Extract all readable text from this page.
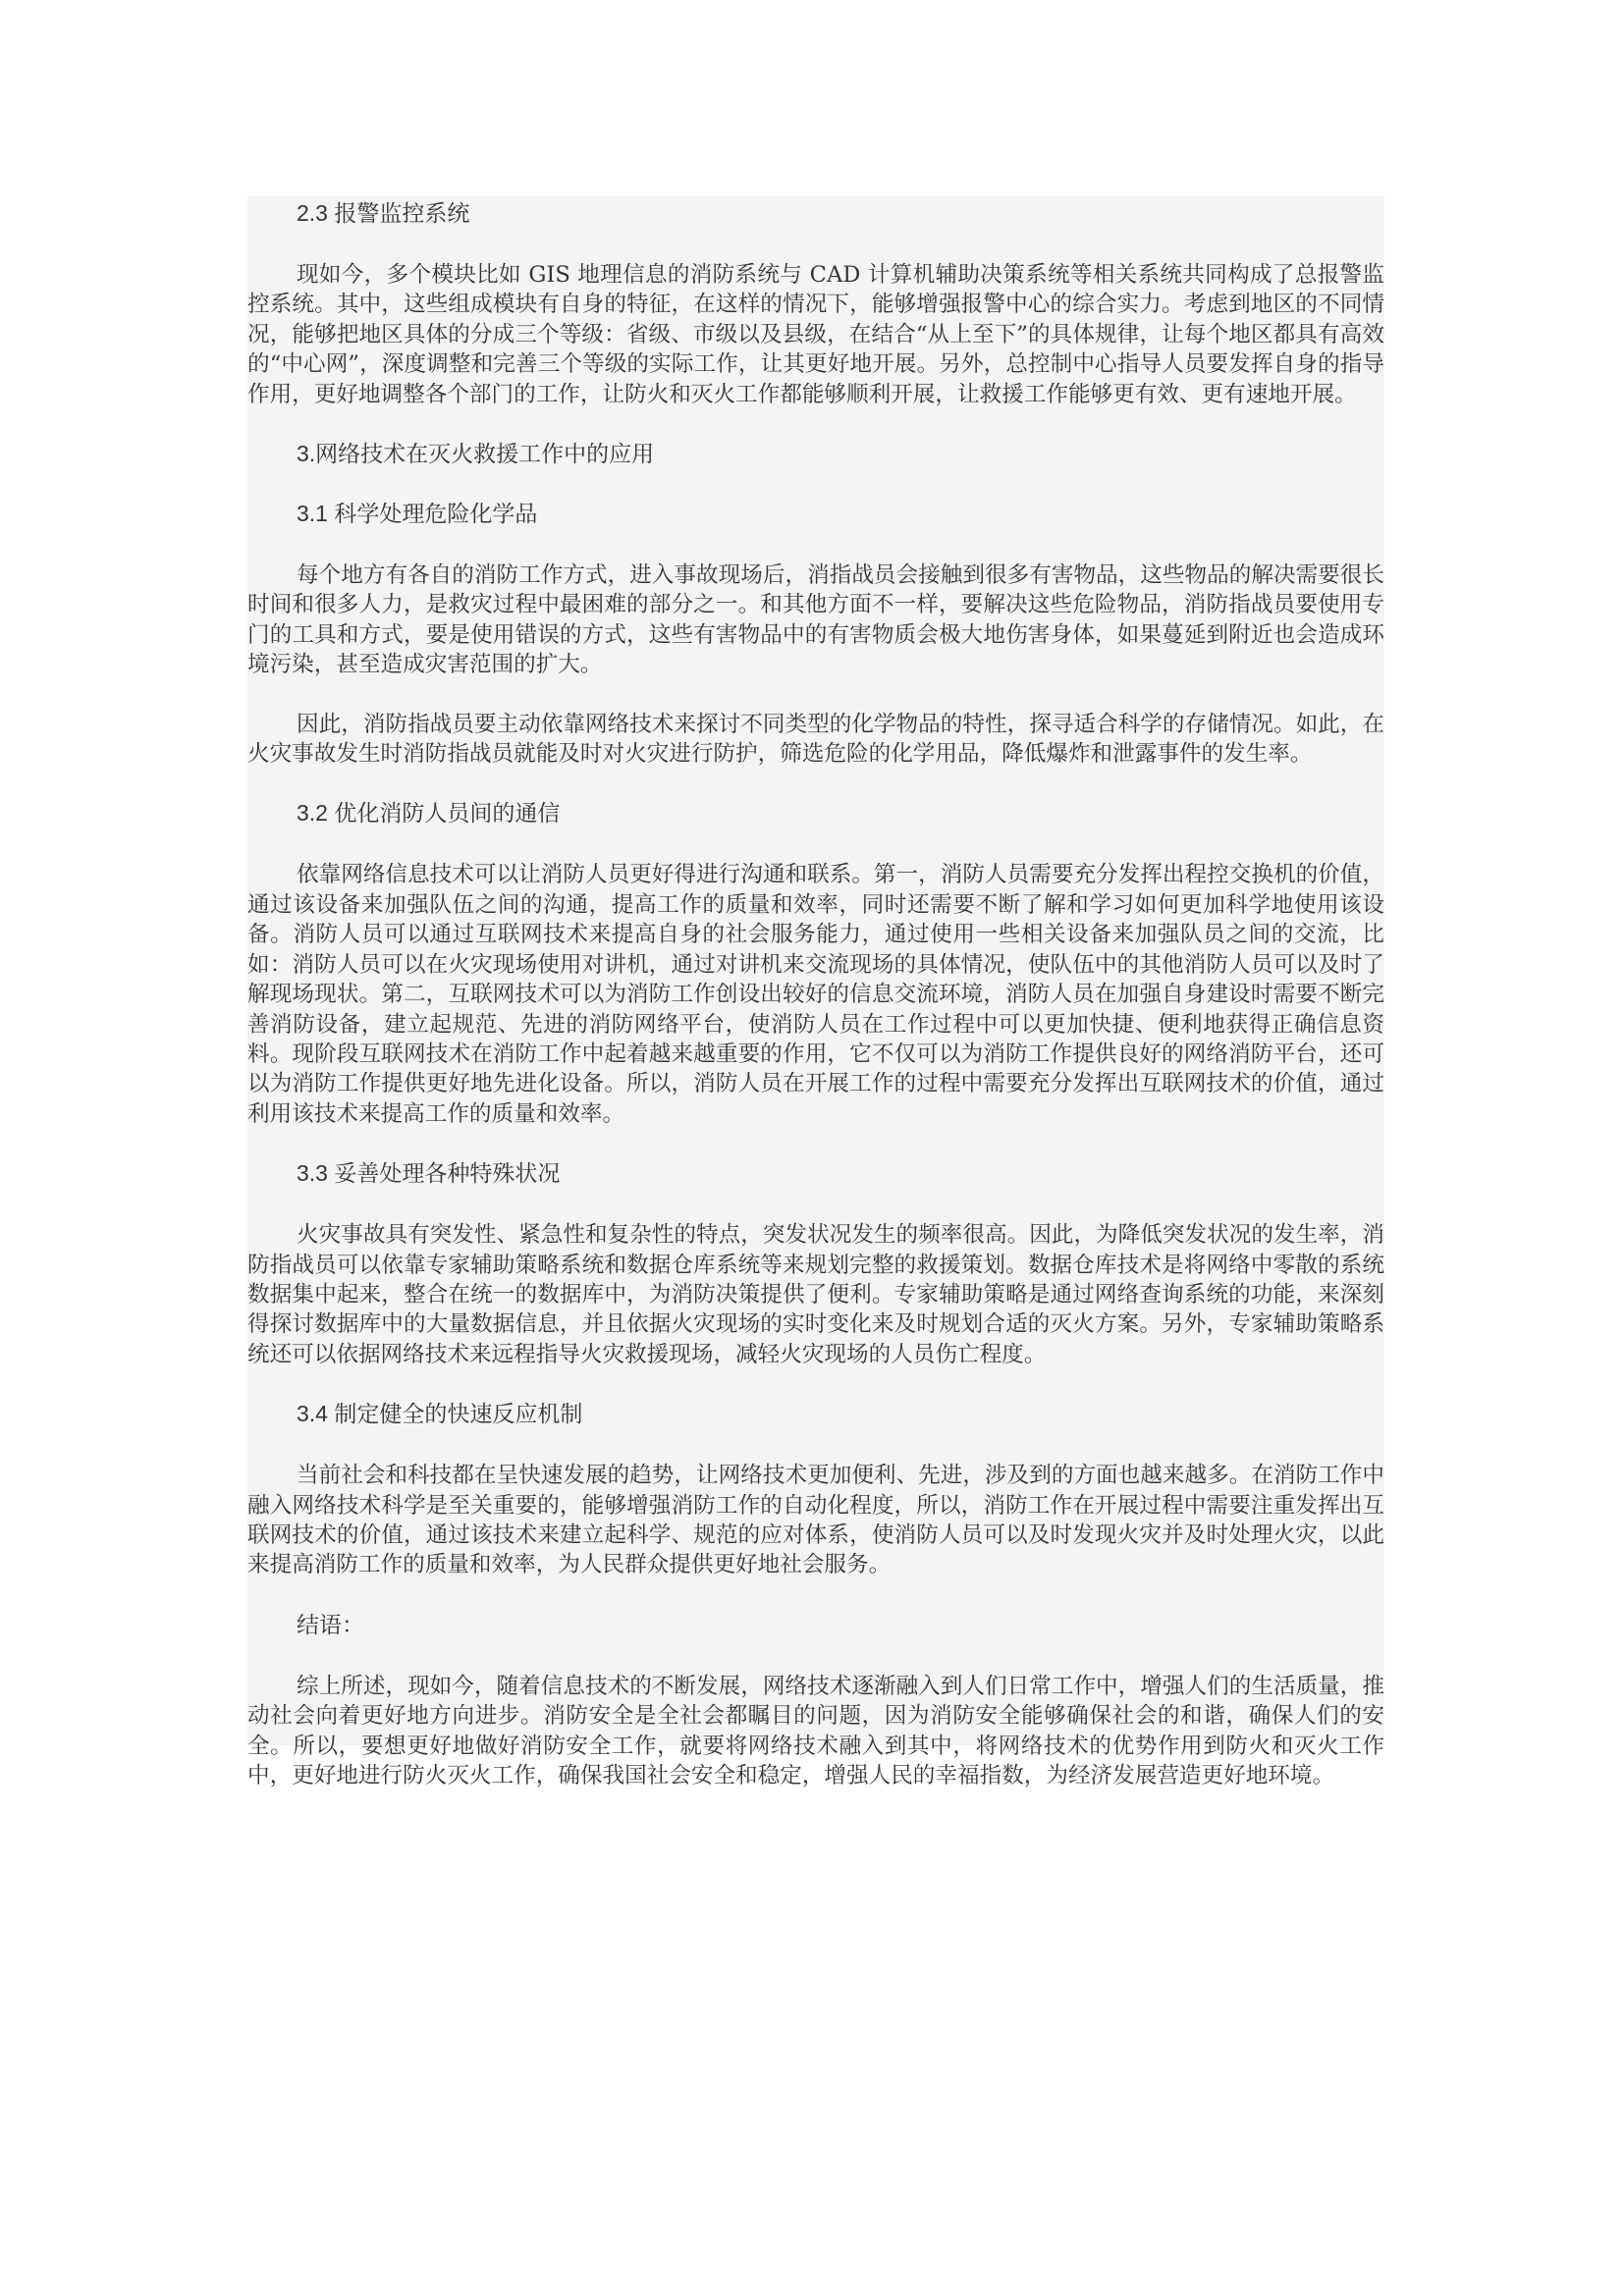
2.3 报警监控系统

现如今，多个模块比如 GIS 地理信息的消防系统与 CAD 计算机辅助决策系统等相关系统共同构成了总报警监控系统。其中，这些组成模块有自身的特征，在这样的情况下，能够增强报警中心的综合实力。考虑到地区的不同情况，能够把地区具体的分成三个等级：省级、市级以及县级，在结合“从上至下”的具体规律，让每个地区都具有高效的“中心网”，深度调整和完善三个等级的实际工作，让其更好地开展。另外，总控制中心指导人员要发挥自身的指导作用，更好地调整各个部门的工作，让防火和灭火工作都能够顺利开展，让救援工作能够更有效、更有速地开展。

3.网络技术在灭火救援工作中的应用

3.1 科学处理危险化学品

每个地方有各自的消防工作方式，进入事故现场后，消指战员会接触到很多有害物品，这些物品的解决需要很长时间和很多人力，是救灾过程中最困难的部分之一。和其他方面不一样，要解决这些危险物品，消防指战员要使用专门的工具和方式，要是使用错误的方式，这些有害物品中的有害物质会极大地伤害身体，如果蔓延到附近也会造成环境污染，甚至造成灾害范围的扩大。

因此，消防指战员要主动依靠网络技术来探讨不同类型的化学物品的特性，探寻适合科学的存储情况。如此，在火灾事故发生时消防指战员就能及时对火灾进行防护，筛选危险的化学用品，降低爆炸和泄露事件的发生率。

3.2 优化消防人员间的通信

依靠网络信息技术可以让消防人员更好得进行沟通和联系。第一，消防人员需要充分发挥出程控交换机的价值，通过该设备来加强队伍之间的沟通，提高工作的质量和效率，同时还需要不断了解和学习如何更加科学地使用该设备。消防人员可以通过互联网技术来提高自身的社会服务能力，通过使用一些相关设备来加强队员之间的交流，比如：消防人员可以在火灾现场使用对讲机，通过对讲机来交流现场的具体情况，使队伍中的其他消防人员可以及时了解现场现状。第二，互联网技术可以为消防工作创设出较好的信息交流环境，消防人员在加强自身建设时需要不断完善消防设备，建立起规范、先进的消防网络平台，使消防人员在工作过程中可以更加快捷、便利地获得正确信息资料。现阶段互联网技术在消防工作中起着越来越重要的作用，它不仅可以为消防工作提供良好的网络消防平台，还可以为消防工作提供更好地先进化设备。所以，消防人员在开展工作的过程中需要充分发挥出互联网技术的价值，通过利用该技术来提高工作的质量和效率。

3.3 妥善处理各种特殊状况

火灾事故具有突发性、紧急性和复杂性的特点，突发状况发生的频率很高。因此，为降低突发状况的发生率，消防指战员可以依靠专家辅助策略系统和数据仓库系统等来规划完整的救援策划。数据仓库技术是将网络中零散的系统数据集中起来，整合在统一的数据库中，为消防决策提供了便利。专家辅助策略是通过网络查询系统的功能，来深刻得探讨数据库中的大量数据信息，并且依据火灾现场的实时变化来及时规划合适的灭火方案。另外，专家辅助策略系统还可以依据网络技术来远程指导火灾救援现场，减轻火灾现场的人员伤亡程度。

3.4 制定健全的快速反应机制

当前社会和科技都在呈快速发展的趋势，让网络技术更加便利、先进，涉及到的方面也越来越多。在消防工作中融入网络技术科学是至关重要的，能够增强消防工作的自动化程度，所以，消防工作在开展过程中需要注重发挥出互联网技术的价值，通过该技术来建立起科学、规范的应对体系，使消防人员可以及时发现火灾并及时处理火灾，以此来提高消防工作的质量和效率，为人民群众提供更好地社会服务。

结语：

综上所述，现如今，随着信息技术的不断发展，网络技术逐渐融入到人们日常工作中，增强人们的生活质量，推动社会向着更好地方向进步。消防安全是全社会都瞩目的问题，因为消防安全能够确保社会的和谐，确保人们的安全。所以，要想更好地做好消防安全工作，就要将网络技术融入到其中，将网络技术的优势作用到防火和灭火工作中，更好地进行防火灭火工作，确保我国社会安全和稳定，增强人民的幸福指数，为经济发展营造更好地环境。
